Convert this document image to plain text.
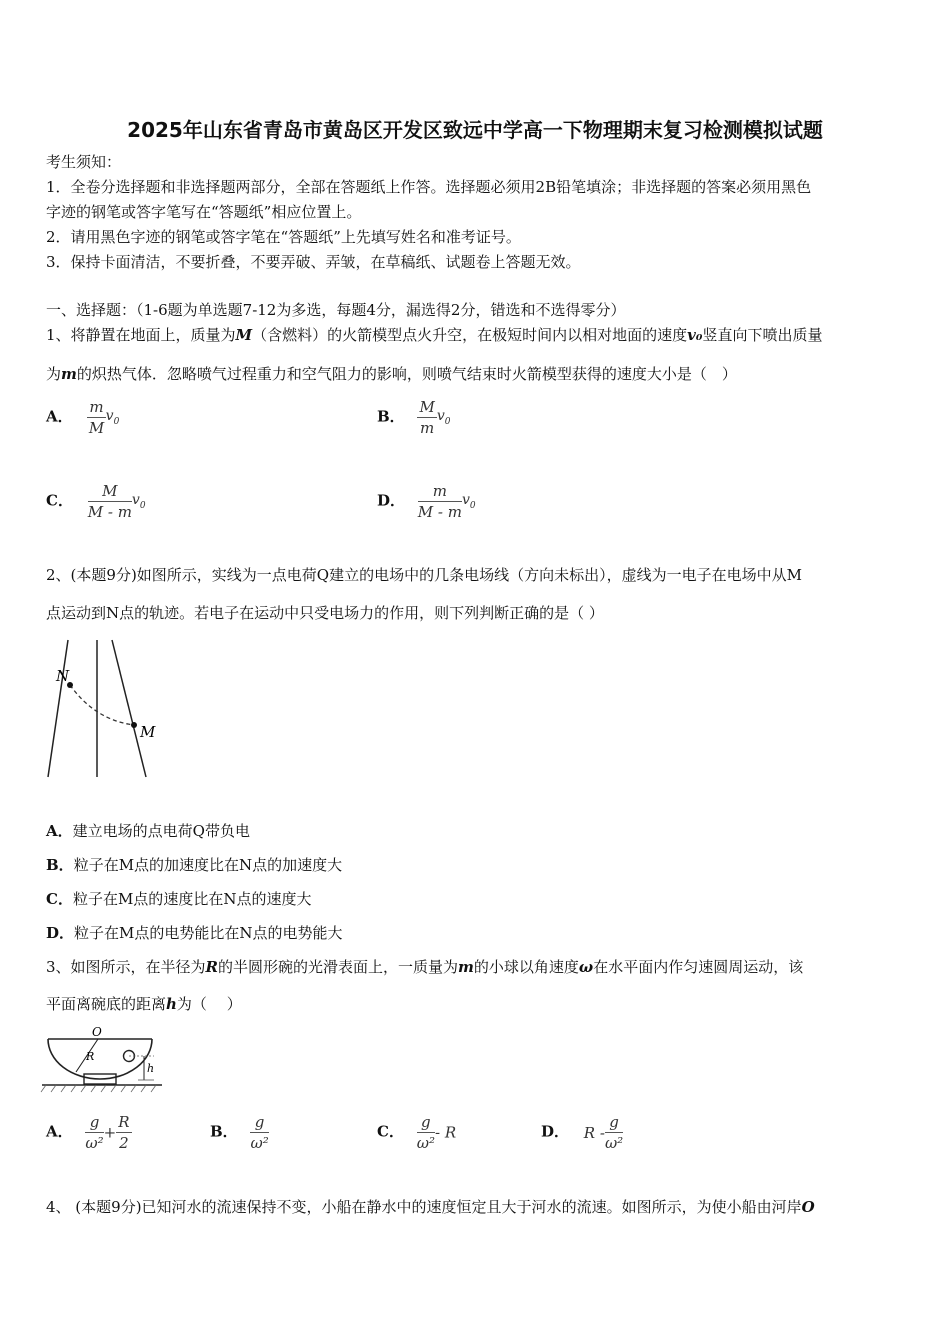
2025年山东省青岛市黄岛区开发区致远中学高一下物理期末复习检测模拟试题
考生须知：
1．全卷分选择题和非选择题两部分，全部在答题纸上作答。选择题必须用2B铅笔填涂；非选择题的答案必须用黑色
字迹的钢笔或答字笔写在“答题纸”相应位置上。
2．请用黑色字迹的钢笔或答字笔在“答题纸”上先填写姓名和准考证号。
3．保持卡面清洁，不要折叠，不要弄破、弄皱，在草稿纸、试题卷上答题无效。
一、选择题：（1-6题为单选题7-12为多选，每题4分，漏选得2分，错选和不选得零分）
1、将静置在地面上，质量为M（含燃料）的火箭模型点火升空，在极短时间内以相对地面的速度v₀竖直向下喷出质量
为m的炽热气体．忽略喷气过程重力和空气阻力的影响，则喷气结束时火箭模型获得的速度大小是（　）
A． $\frac{m}{M} v_0$	B． $\frac{M}{m} v_0$
C． $\frac{M}{M - m} v_0$	D． $\frac{m}{M - m} v_0$
2、(本题9分)如图所示，实线为一点电荷Q建立的电场中的几条电场线（方向未标出），虚线为一电子在电场中从M
点运动到N点的轨迹。若电子在运动中只受电场力的作用，则下列判断正确的是（ ）
N
M
A．建立电场的点电荷Q带负电
B．粒子在M点的加速度比在N点的加速度大
C．粒子在M点的速度比在N点的速度大
D．粒子在M点的电势能比在N点的电势能大
3、如图所示，在半径为R的半圆形碗的光滑表面上，一质量为m的小球以角速度ω在水平面内作匀速圆周运动，该
平面离碗底的距离h为（　 ）
O
R
h
A． $\frac{g}{\text{ω²}} + \frac{R}{2}$	B． $\frac{g}{\text{ω²}}$	C． $\frac{g}{\text{ω²}}$ - R	D． R - $\frac{g}{\text{ω²}}$
4、 (本题9分)已知河水的流速保持不变，小船在静水中的速度恒定且大于河水的流速。如图所示，为使小船由河岸O
